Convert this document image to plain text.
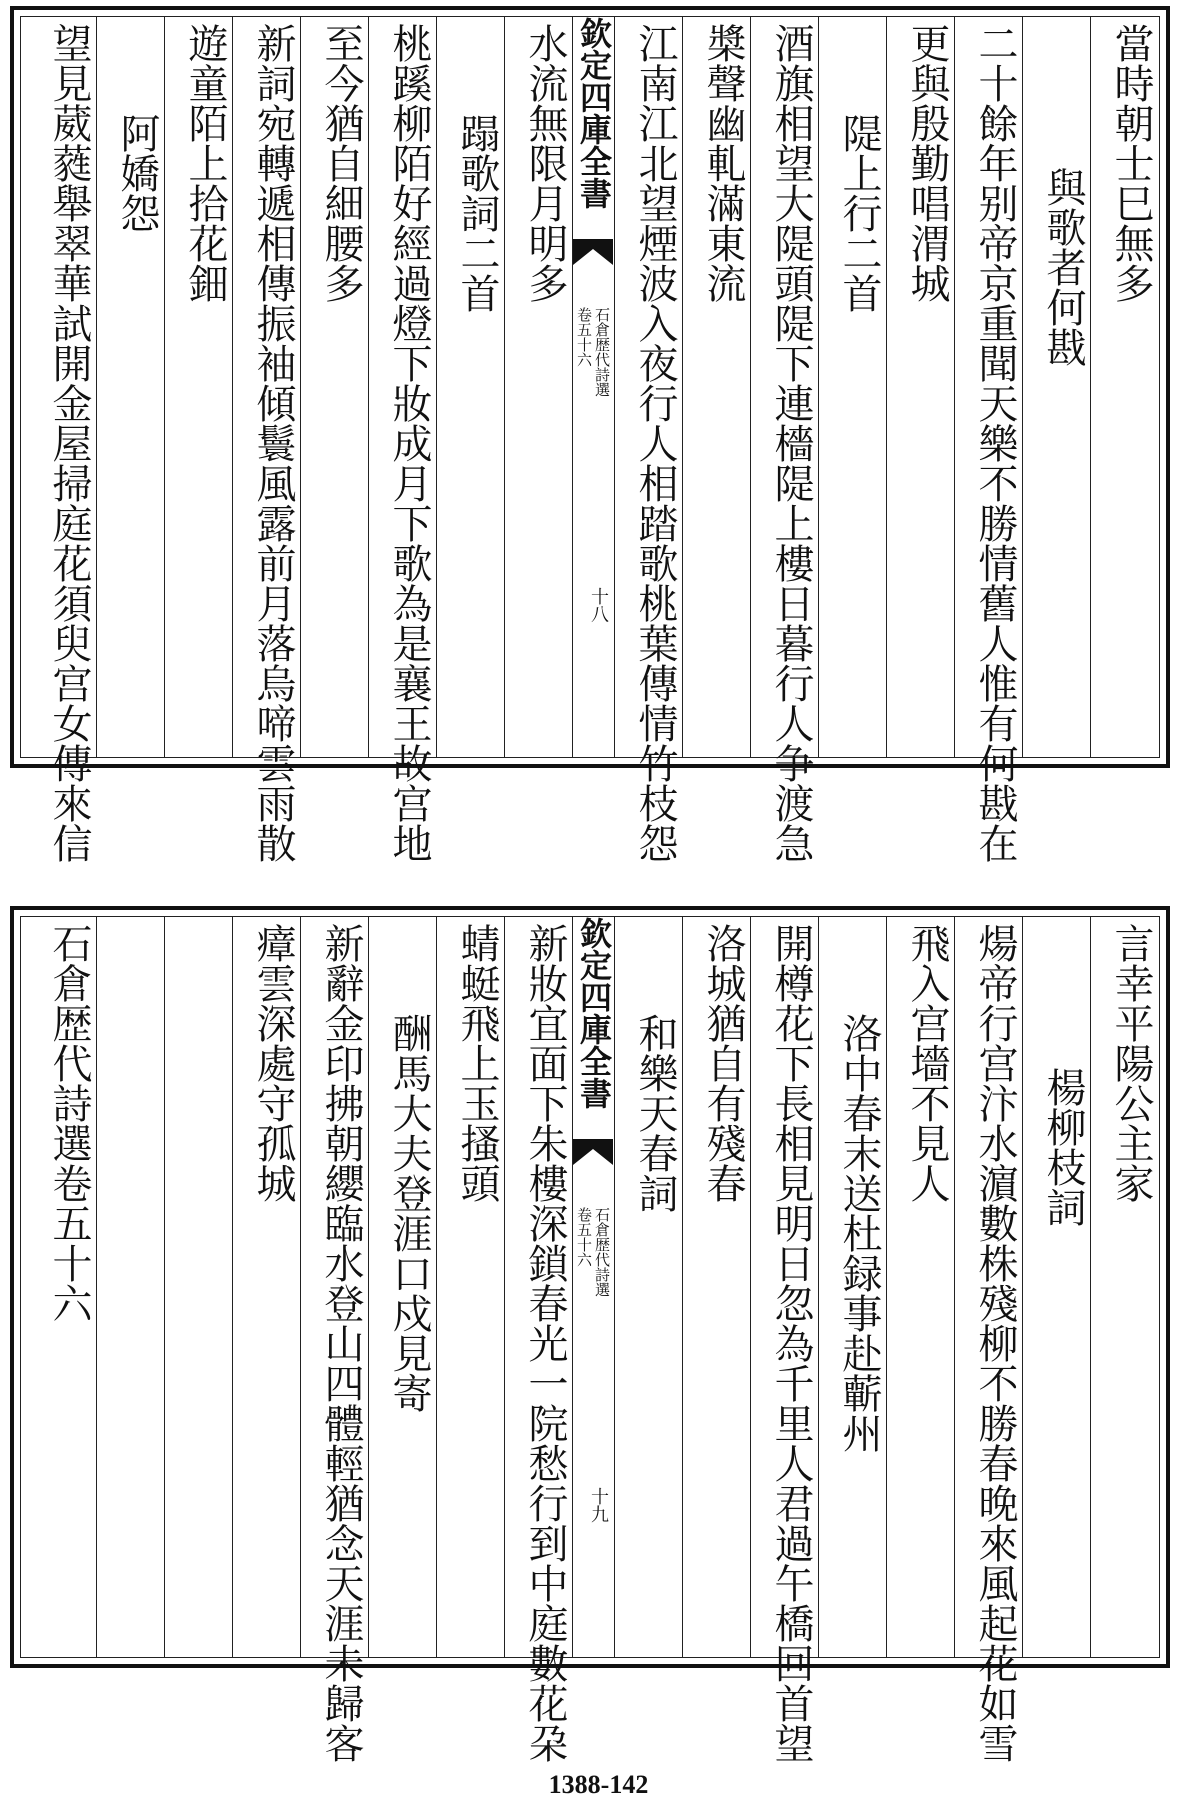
當時朝士巳無多
與歌者何戡
二十餘年别帝京重聞天樂不勝情舊人惟有何戡在
更與殷勤唱渭城
隄上行二首
酒旗相望大隄頭隄下連檣隄上樓日暮行人争渡急
槳聲幽軋滿東流
江南江北望煙波入夜行人相踏歌桃葉傳情竹枝怨
欽定四庫全書
石倉歴代詩選
卷五十六
十八
水流無限月明多
蹋歌詞二首
桃蹊柳陌好經過燈下妝成月下歌為是襄王故宫地
至今猶自細腰多
新詞宛轉遞相傳振袖傾鬟風露前月落烏啼雲雨散
遊童陌上拾花鈿
阿嬌怨
望見葳蕤舉翠華試開金屋掃庭花須臾宫女傳來信
言幸平陽公主家
楊柳枝詞
煬帝行宫汴水濵數株殘柳不勝春晚來風起花如雪
飛入宫墻不見人
洛中春末送杜録事赴蘄州
開樽花下長相見明日忽為千里人君過午橋回首望
洛城猶自有殘春
和樂天春詞
欽定四庫全書
石倉歴代詩選
卷五十六
十九
新妝宜面下朱樓深鎖春光一院愁行到中庭數花朶
蜻蜓飛上玉搔頭
酬馬大夫登涯口戍見寄
新辭金印拂朝纓臨水登山四體輕猶念天涯未歸客
瘴雲深處守孤城
石倉歴代詩選卷五十六
1388-142
